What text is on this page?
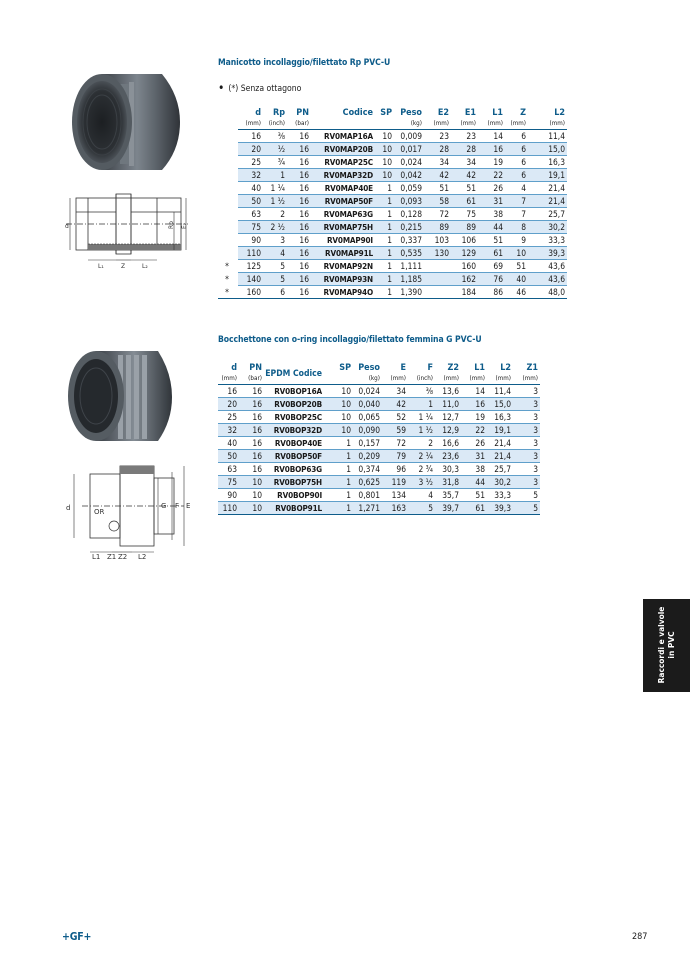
Manicotto incollaggio/filettato Rp PVC-U
• (*) Senza ottagono
d	Rp E₂
L₁	Z	L₂
	d	Rp	PN	Codice	SP	Peso	E2	E1	L1	Z	L2
	(mm)	(inch)	(bar)			(kg)	(mm)	(mm)	(mm)	(mm)	(mm)
	16	⅜	16	RV0MAP16A	10	0,009	23	23	14	6	11,4
	20	½	16	RV0MAP20B	10	0,017	28	28	16	6	15,0
	25	¾	16	RV0MAP25C	10	0,024	34	34	19	6	16,3
	32	1	16	RV0MAP32D	10	0,042	42	42	22	6	19,1
	40	1 ¼	16	RV0MAP40E	1	0,059	51	51	26	4	21,4
	50	1 ½	16	RV0MAP50F	1	0,093	58	61	31	7	21,4
	63	2	16	RV0MAP63G	1	0,128	72	75	38	7	25,7
	75	2 ½	16	RV0MAP75H	1	0,215	89	89	44	8	30,2
	90	3	16	RV0MAP90I	1	0,337	103	106	51	9	33,3
	110	4	16	RV0MAP91L	1	0,535	130	129	61	10	39,3
*	125	5	16	RV0MAP92N	1	1,111		160	69	51	43,6
*	140	5	16	RV0MAP93N	1	1,185		162	76	40	43,6
*	160	6	16	RV0MAP94O	1	1,390		184	86	46	48,0
Bocchettone con o-ring incollaggio/filettato femmina G PVC-U
d	OR
G F E
L1 Z1 Z2 L2
d	PN	EPDM Codice	SP	Peso	E	F	Z2	L1	L2	Z1
(mm)	(bar)			(kg)	(mm)	(inch)	(mm)	(mm)	(mm)	(mm)
16	16	RV0BOP16A	10	0,024	34	⅜	13,6	14	11,4	3
20	16	RV0BOP20B	10	0,040	42	1	11,0	16	15,0	3
25	16	RV0BOP25C	10	0,065	52	1 ¼	12,7	19	16,3	3
32	16	RV0BOP32D	10	0,090	59	1 ½	12,9	22	19,1	3
40	16	RV0BOP40E	1	0,157	72	2	16,6	26	21,4	3
50	16	RV0BOP50F	1	0,209	79	2 ¼	23,6	31	21,4	3
63	16	RV0BOP63G	1	0,374	96	2 ¾	30,3	38	25,7	3
75	10	RV0BOP75H	1	0,625	119	3 ½	31,8	44	30,2	3
90	10	RV0BOP90I	1	0,801	134	4	35,7	51	33,3	5
110	10	RV0BOP91L	1	1,271	163	5	39,7	61	39,3	5
Raccordi e valvole in PVC
+GF+	287
